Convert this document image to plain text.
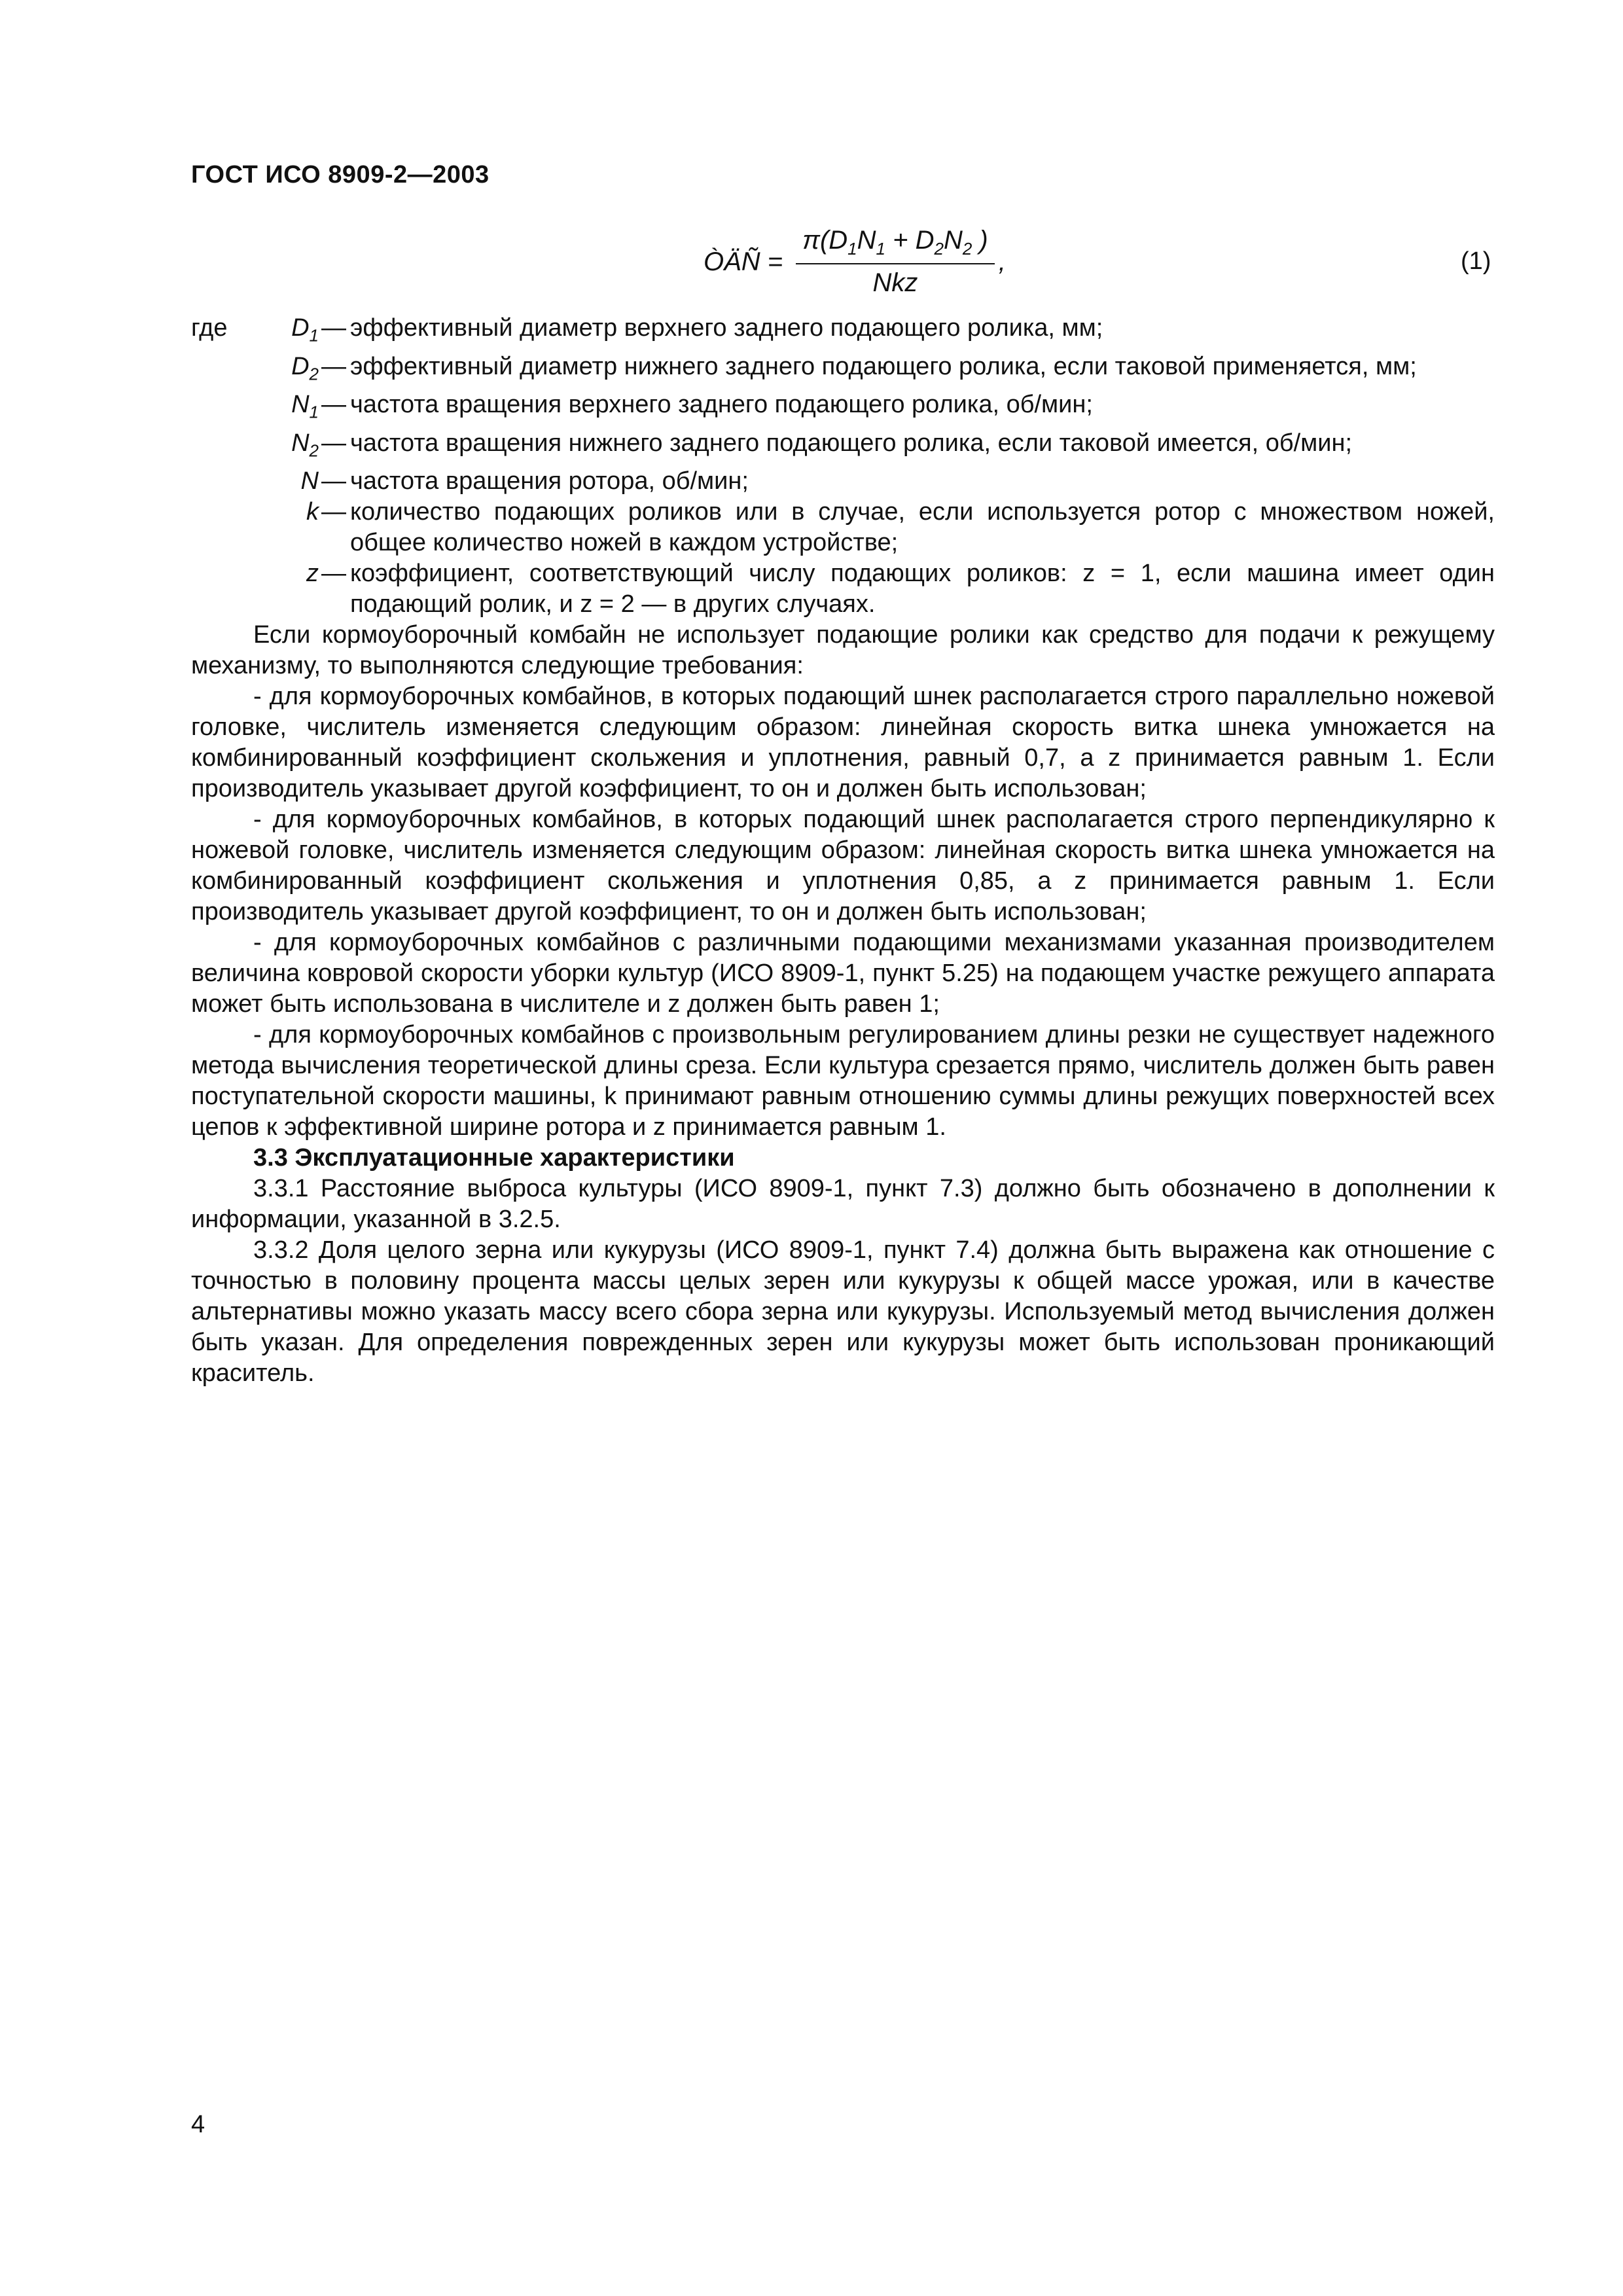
ГОСТ ИСО 8909-2—2003
ÒÄÑ = $\frac{\pi(D_1N_1 + D_2N_2 )}{\text{Nkz}}$ ,	(1)
где	$D_1$ — эффективный диаметр верхнего заднего подающего ролика, мм;
$D_2$ — эффективный диаметр нижнего заднего подающего ролика, если таковой применяется, мм;
$N_1$ — частота вращения верхнего заднего подающего ролика, об/мин;
$N_2$ — частота вращения нижнего заднего подающего ролика, если таковой имеется, об/мин;
N — частота вращения ротора, об/мин;
k — количество подающих роликов или в случае, если используется ротор с множеством ножей, общее количество ножей в каждом устройстве;
z — коэффициент, соответствующий числу подающих роликов: z = 1, если машина имеет один подающий ролик, и z = 2 — в других случаях.

Если кормоуборочный комбайн не использует подающие ролики как средство для подачи к режущему механизму, то выполняются следующие требования:

- для кормоуборочных комбайнов, в которых подающий шнек располагается строго параллельно ножевой головке, числитель изменяется следующим образом: линейная скорость витка шнека умножается на комбинированный коэффициент скольжения и уплотнения, равный 0,7, а z принимается равным 1. Если производитель указывает другой коэффициент, то он и должен быть использован;

- для кормоуборочных комбайнов, в которых подающий шнек располагается строго перпендикулярно к ножевой головке, числитель изменяется следующим образом: линейная скорость витка шнека умножается на комбинированный коэффициент скольжения и уплотнения 0,85, а z принимается равным 1. Если производитель указывает другой коэффициент, то он и должен быть использован;

- для кормоуборочных комбайнов с различными подающими механизмами указанная производителем величина ковровой скорости уборки культур (ИСО 8909-1, пункт 5.25) на подающем участке режущего аппарата может быть использована в числителе и z должен быть равен 1;

- для кормоуборочных комбайнов с произвольным регулированием длины резки не существует надежного метода вычисления теоретической длины среза. Если культура срезается прямо, числитель должен быть равен поступательной скорости машины, k принимают равным отношению суммы длины режущих поверхностей всех цепов к эффективной ширине ротора и z принимается равным 1.

3.3 Эксплуатационные характеристики

3.3.1 Расстояние выброса культуры (ИСО 8909-1, пункт 7.3) должно быть обозначено в дополнении к информации, указанной в 3.2.5.

3.3.2 Доля целого зерна или кукурузы (ИСО 8909-1, пункт 7.4) должна быть выражена как отношение с точностью в половину процента массы целых зерен или кукурузы к общей массе урожая, или в качестве альтернативы можно указать массу всего сбора зерна или кукурузы. Используемый метод вычисления должен быть указан. Для определения поврежденных зерен или кукурузы может быть использован проникающий краситель.

4
